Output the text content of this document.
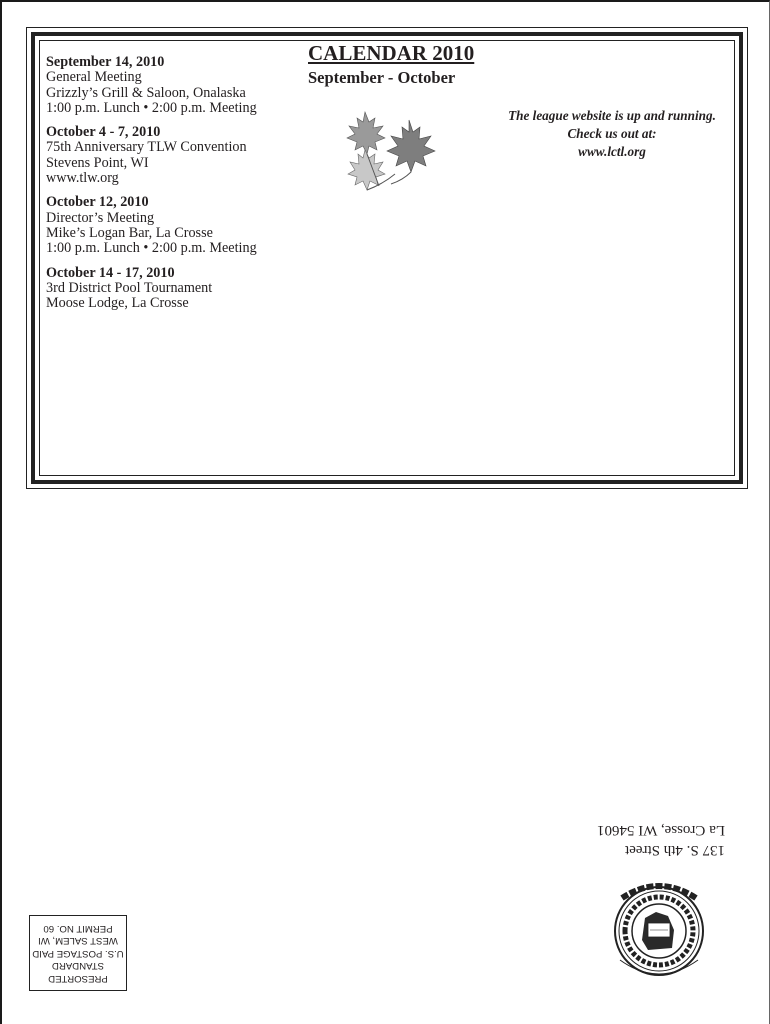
September 14, 2010
General Meeting
Grizzly’s Grill & Saloon, Onalaska
1:00 p.m. Lunch • 2:00 p.m. Meeting
October 4 - 7, 2010
75th Anniversary TLW Convention
Stevens Point, WI
www.tlw.org
October 12, 2010
Director’s Meeting
Mike’s Logan Bar, La Crosse
1:00 p.m. Lunch • 2:00 p.m. Meeting
October 14 - 17, 2010
3rd District Pool Tournament
Moose Lodge, La Crosse
CALENDAR 2010
September - October
The league website is up and running.
Check us out at:
www.lctl.org
137 S. 4th Street
La Crosse, WI 54601
PRESORTED
STANDARD
U.S. POSTAGE PAID
WEST SALEM, WI
PERMIT NO. 60
